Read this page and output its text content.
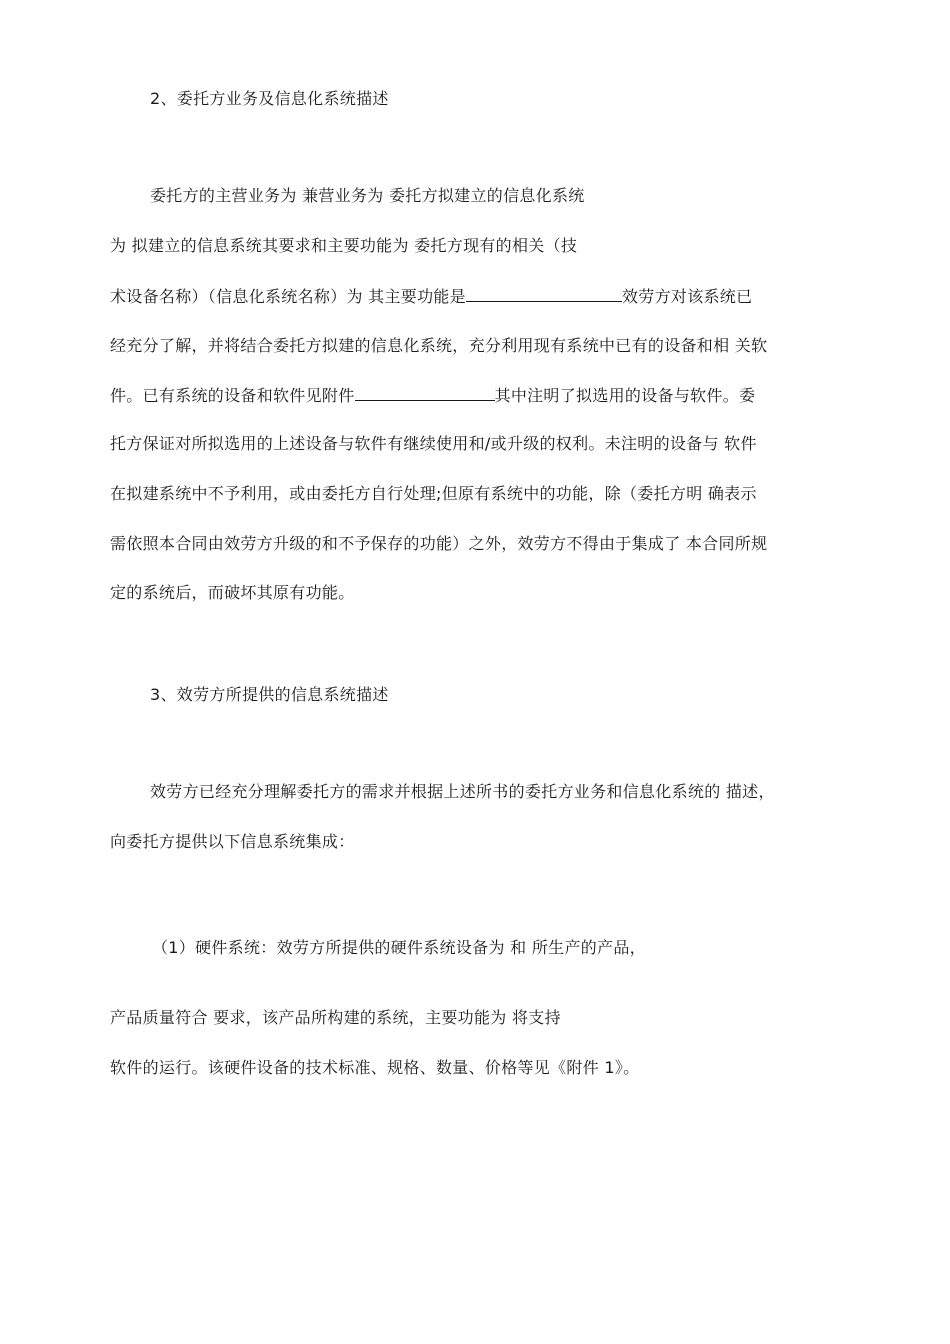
2、委托方业务及信息化系统描述
委托方的主营业务为 兼营业务为 委托方拟建立的信息化系统
为 拟建立的信息系统其要求和主要功能为 委托方现有的相关（技
术设备名称）（信息化系统名称）为 其主要功能是	效劳方对该系统已
经充分了解，并将结合委托方拟建的信息化系统，充分利用现有系统中已有的设备和相 关软
件。已有系统的设备和软件见附件	其中注明了拟选用的设备与软件。委
托方保证对所拟选用的上述设备与软件有继续使用和/或升级的权利。未注明的设备与 软件
在拟建系统中不予利用，或由委托方自行处理;但原有系统中的功能，除（委托方明 确表示
需依照本合同由效劳方升级的和不予保存的功能）之外，效劳方不得由于集成了 本合同所规
定的系统后，而破坏其原有功能。
3、效劳方所提供的信息系统描述
效劳方已经充分理解委托方的需求并根据上述所书的委托方业务和信息化系统的 描述，
向委托方提供以下信息系统集成：
（1）硬件系统：效劳方所提供的硬件系统设备为 和 所生产的产品，
产品质量符合 要求，该产品所构建的系统，主要功能为 将支持
软件的运行。该硬件设备的技术标准、规格、数量、价格等见《附件 1》。
